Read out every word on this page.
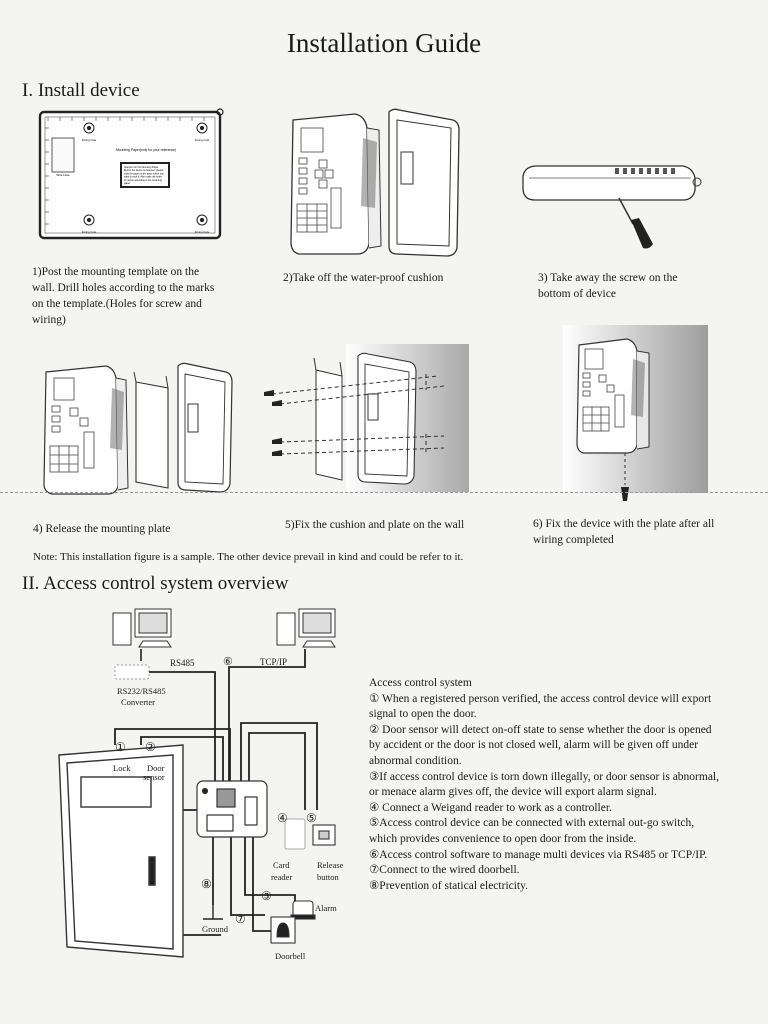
Installation Guide
I. Install device
Fixing hole	Fixing hole
Fixing hole	Fixing hole
Wire Hole
Mounting Paper(only for your reference)
Attention for the Mounting Paper Before the device is fastened, please stick the paper in the place which you want to stick it, then make the holes for screw according to the mounting paper.
1)Post the mounting template on the wall. Drill holes according to the marks on the template.(Holes for screw and wiring)
2)Take off the water-proof cushion	3) Take away the screw on the bottom of device
4) Release the mounting plate	5)Fix the cushion and plate on the wall	6) Fix the device with the plate after all wiring completed
Note: This installation figure is a sample. The other device prevail in kind and could be refer to it.
II. Access control system overview
RS485	⑥	TCP/IP
RS232/RS485
Converter
① ②
Lock Door
sensor
④ ⑤
Card
reader
Release
button
⑧
③
Alarm
⑦
Ground
Doorbell
Access control system
① When a registered person verified, the access control device will export signal to open the door.
② Door sensor will detect on-off state to sense whether the door is opened by accident or the door is not closed well, alarm will be given off under abnormal condition.
③If access control device is torn down illegally, or door sensor is abnormal, or menace alarm gives off, the device will export alarm signal.
④ Connect a Weigand reader to work as a controller.
⑤Access control device can be connected with external out-go switch, which provides convenience to open door from the inside.
⑥Access control software to manage multi devices via RS485 or TCP/IP.
⑦Connect to the wired doorbell.
⑧Prevention of statical electricity.
